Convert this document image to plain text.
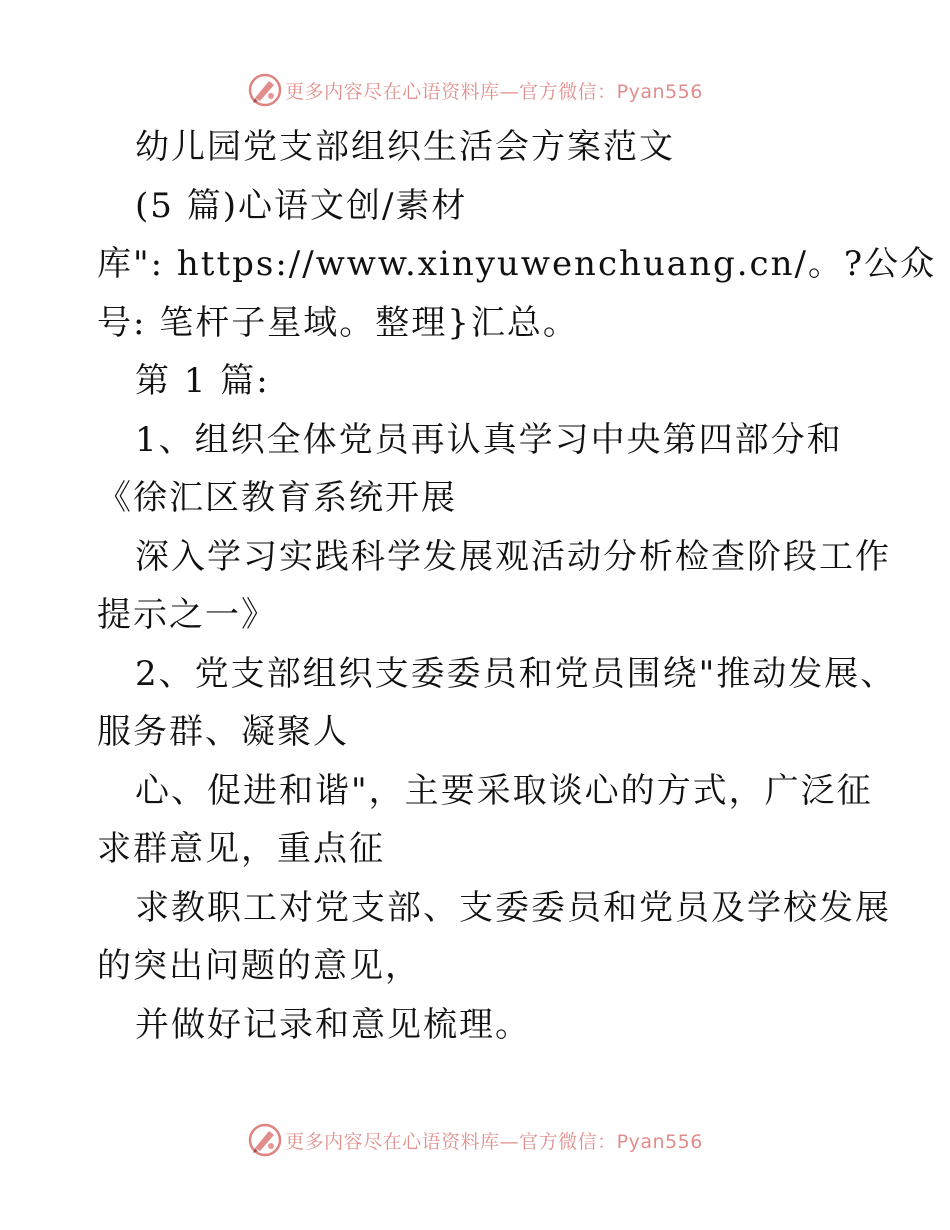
更多内容尽在心语资料库—官方微信：Pyan556
幼儿园党支部组织生活会方案范文
(5 篇)心语文创/素材
库": https://www.xinyuwenchuang.cn/。?公众
号: 笔杆子星域。整理}汇总。
第 1 篇:
1、组织全体党员再认真学习中央第四部分和
《徐汇区教育系统开展
深入学习实践科学发展观活动分析检查阶段工作
提示之一》
2、党支部组织支委委员和党员围绕"推动发展、
服务群、凝聚人
心、促进和谐"，主要采取谈心的方式，广泛征
求群意见，重点征
求教职工对党支部、支委委员和党员及学校发展
的突出问题的意见，
并做好记录和意见梳理。
更多内容尽在心语资料库—官方微信：Pyan556
